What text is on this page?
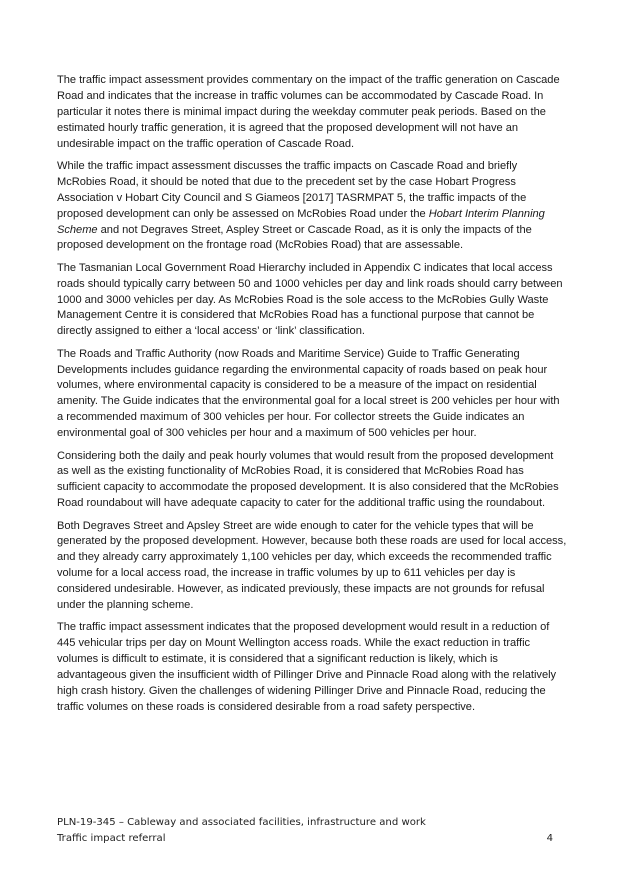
The traffic impact assessment provides commentary on the impact of the traffic generation on Cascade Road and indicates that the increase in traffic volumes can be accommodated by Cascade Road. In particular it notes there is minimal impact during the weekday commuter peak periods. Based on the estimated hourly traffic generation, it is agreed that the proposed development will not have an undesirable impact on the traffic operation of Cascade Road.

While the traffic impact assessment discusses the traffic impacts on Cascade Road and briefly McRobies Road, it should be noted that due to the precedent set by the case Hobart Progress Association v Hobart City Council and S Giameos [2017] TASRMPAT 5, the traffic impacts of the proposed development can only be assessed on McRobies Road under the Hobart Interim Planning Scheme and not Degraves Street, Aspley Street or Cascade Road, as it is only the impacts of the proposed development on the frontage road (McRobies Road) that are assessable.

The Tasmanian Local Government Road Hierarchy included in Appendix C indicates that local access roads should typically carry between 50 and 1000 vehicles per day and link roads should carry between 1000 and 3000 vehicles per day. As McRobies Road is the sole access to the McRobies Gully Waste Management Centre it is considered that McRobies Road has a functional purpose that cannot be directly assigned to either a ‘local access’ or ‘link’ classification.

The Roads and Traffic Authority (now Roads and Maritime Service) Guide to Traffic Generating Developments includes guidance regarding the environmental capacity of roads based on peak hour volumes, where environmental capacity is considered to be a measure of the impact on residential amenity. The Guide indicates that the environmental goal for a local street is 200 vehicles per hour with a recommended maximum of 300 vehicles per hour. For collector streets the Guide indicates an environmental goal of 300 vehicles per hour and a maximum of 500 vehicles per hour.

Considering both the daily and peak hourly volumes that would result from the proposed development as well as the existing functionality of McRobies Road, it is considered that McRobies Road has sufficient capacity to accommodate the proposed development. It is also considered that the McRobies Road roundabout will have adequate capacity to cater for the additional traffic using the roundabout.

Both Degraves Street and Apsley Street are wide enough to cater for the vehicle types that will be generated by the proposed development. However, because both these roads are used for local access, and they already carry approximately 1,100 vehicles per day, which exceeds the recommended traffic volume for a local access road, the increase in traffic volumes by up to 611 vehicles per day is considered undesirable. However, as indicated previously, these impacts are not grounds for refusal under the planning scheme.

The traffic impact assessment indicates that the proposed development would result in a reduction of 445 vehicular trips per day on Mount Wellington access roads. While the exact reduction in traffic volumes is difficult to estimate, it is considered that a significant reduction is likely, which is advantageous given the insufficient width of Pillinger Drive and Pinnacle Road along with the relatively high crash history. Given the challenges of widening Pillinger Drive and Pinnacle Road, reducing the traffic volumes on these roads is considered desirable from a road safety perspective.

PLN-19-345 – Cableway and associated facilities, infrastructure and work
Traffic impact referral	4
